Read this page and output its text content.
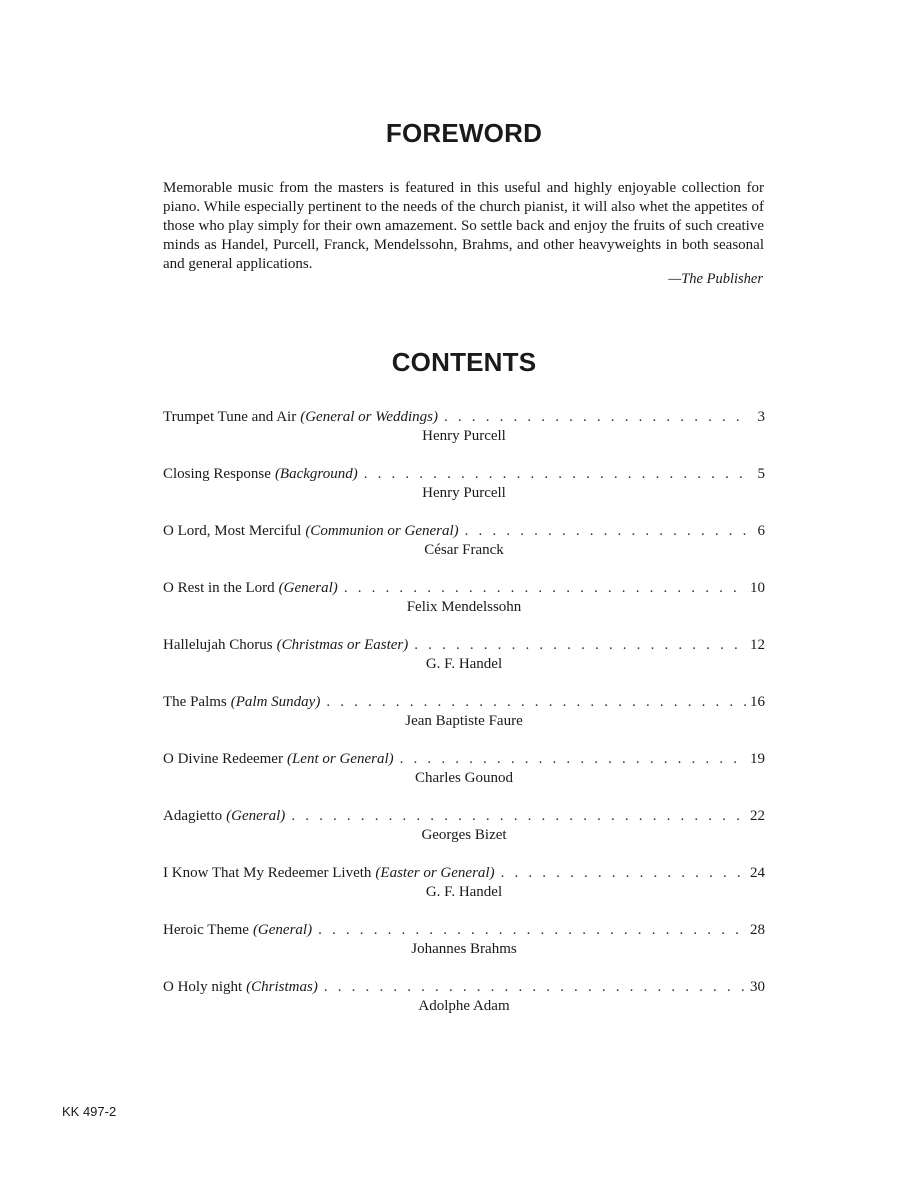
FOREWORD
Memorable music from the masters is featured in this useful and highly enjoyable collection for piano. While especially pertinent to the needs of the church pianist, it will also whet the appetites of those who play simply for their own amazement. So settle back and enjoy the fruits of such creative minds as Handel, Purcell, Franck, Mendelssohn, Brahms, and other heavyweights in both seasonal and general applications.
—The Publisher
CONTENTS
Trumpet Tune and Air (General or Weddings) . . .	3
Henry Purcell
Closing Response (Background) . . .	5
Henry Purcell
O Lord, Most Merciful (Communion or General) . . .	6
César Franck
O Rest in the Lord (General) . . .	10
Felix Mendelssohn
Hallelujah Chorus (Christmas or Easter) . . .	12
G. F. Handel
The Palms (Palm Sunday) . . .	16
Jean Baptiste Faure
O Divine Redeemer (Lent or General) . . .	19
Charles Gounod
Adagietto (General) . . .	22
Georges Bizet
I Know That My Redeemer Liveth (Easter or General) . . .	24
G. F. Handel
Heroic Theme (General) . . .	28
Johannes Brahms
O Holy night (Christmas) . . .	30
Adolphe Adam
KK 497-2
